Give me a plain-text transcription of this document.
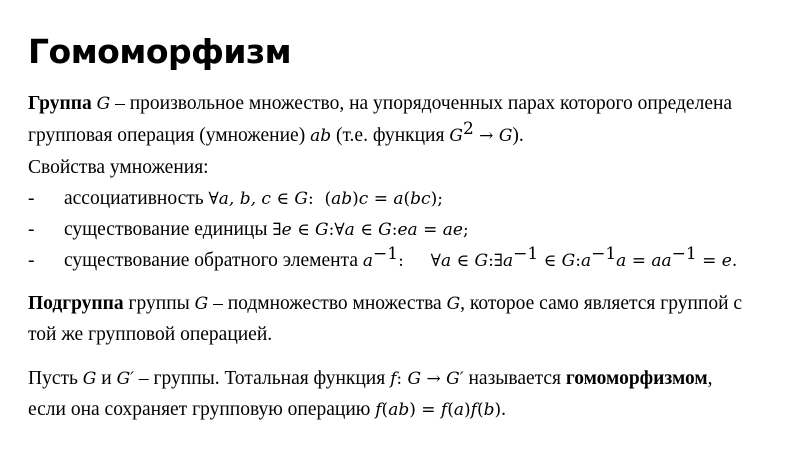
Гомоморфизм
Группа G – произвольное множество, на упорядоченных парах которого определена
групповая операция (умножение) ab (т.е. функция $G^2 \to G$).
Свойства умножения:
- ассоциативность ∀a, b, c ∈ G: (ab)c = a(bc);
- существование единицы ∃e ∈ G:∀a ∈ G:ea = ae;
- существование обратного элемента $a^{-1}$: ∀a ∈ $G:\exists a^{-1}$ ∈ $G:a^{-1}a = aa^{-1} = e$.
Подгруппа группы G – подмножество множества G, которое само является группой с
той же групповой операцией.
Пусть G и G′ – группы. Тотальная функция f: G → G′ называется гомоморфизмом,
если она сохраняет групповую операцию f(ab) = f(a)f(b).
